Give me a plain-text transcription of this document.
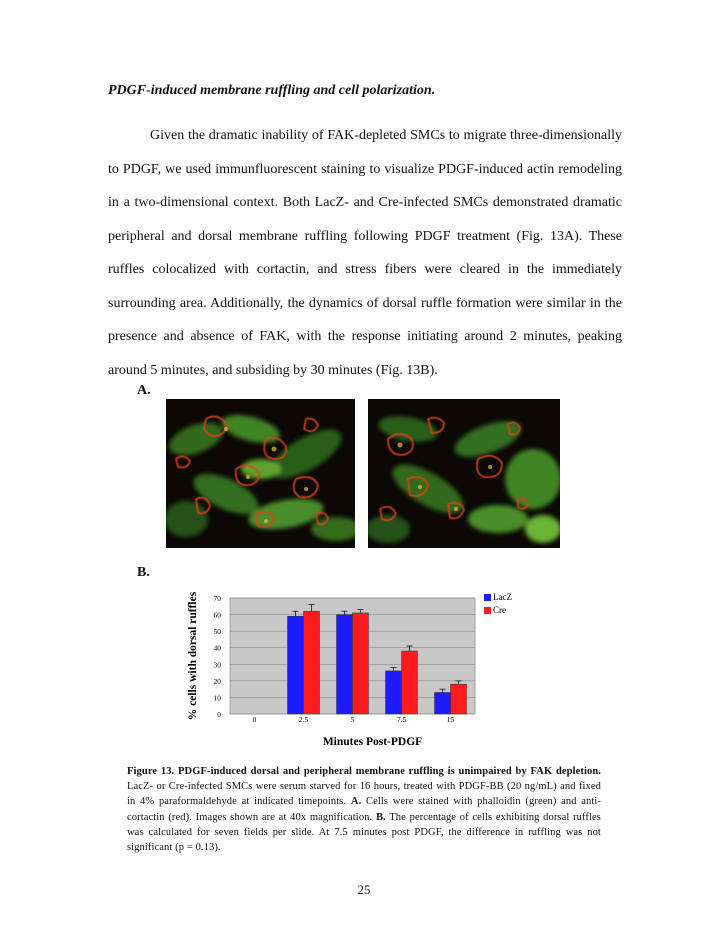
PDGF-induced membrane ruffling and cell polarization.
Given the dramatic inability of FAK-depleted SMCs to migrate three-dimensionally to PDGF, we used immunfluorescent staining to visualize PDGF-induced actin remodeling in a two-dimensional context. Both LacZ- and Cre-infected SMCs demonstrated dramatic peripheral and dorsal membrane ruffling following PDGF treatment (Fig. 13A). These ruffles colocalized with cortactin, and stress fibers were cleared in the immediately surrounding area. Additionally, the dynamics of dorsal ruffle formation were similar in the presence and absence of FAK, with the response initiating around 2 minutes, peaking around 5 minutes, and subsiding by 30 minutes (Fig. 13B).
A.
B.
0
10
20
30
40
50
60
70
0	2.5	5	7.5	15
% cells with dorsal ruffles
Minutes Post-PDGF
LacZ
Cre
Figure 13. PDGF-induced dorsal and peripheral membrane ruffling is unimpaired by FAK depletion. LacZ- or Cre-infected SMCs were serum starved for 16 hours, treated with PDGF-BB (20 ng/mL) and fixed in 4% paraformaldehyde at indicated timepoints. A. Cells were stained with phalloidin (green) and anti-cortactin (red). Images shown are at 40x magnification. B. The percentage of cells exhibiting dorsal ruffles was calculated for seven fields per slide. At 7.5 minutes post PDGF, the difference in ruffling was not significant (p = 0.13).
25
